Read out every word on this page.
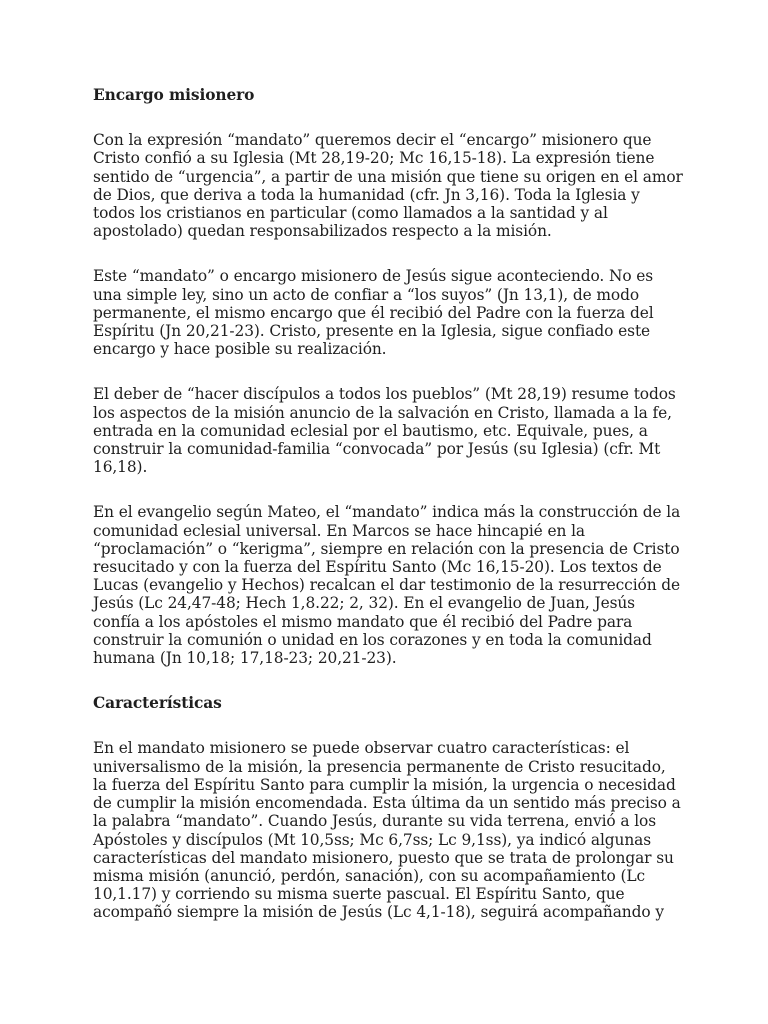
Encargo misionero
Con la expresión “mandato” queremos decir el “encargo” misionero que Cristo confió a su Iglesia (Mt 28,19-20; Mc 16,15-18). La expresión tiene sentido de “urgencia”, a partir de una misión que tiene su origen en el amor de Dios, que deriva a toda la humanidad (cfr. Jn 3,16). Toda la Iglesia y todos los cristianos en particular (como llamados a la santidad y al apostolado) quedan responsabilizados respecto a la misión.
Este “mandato” o encargo misionero de Jesús sigue aconteciendo. No es una simple ley, sino un acto de confiar a “los suyos” (Jn 13,1), de modo permanente, el mismo encargo que él recibió del Padre con la fuerza del Espíritu (Jn 20,21-23). Cristo, presente en la Iglesia, sigue confiado este encargo y hace posible su realización.
El deber de “hacer discípulos a todos los pueblos” (Mt 28,19) resume todos los aspectos de la misión anuncio de la salvación en Cristo, llamada a la fe, entrada en la comunidad eclesial por el bautismo, etc. Equivale, pues, a construir la comunidad-familia “convocada” por Jesús (su Iglesia) (cfr. Mt 16,18).
En el evangelio según Mateo, el “mandato” indica más la construcción de la comunidad eclesial universal. En Marcos se hace hincapié en la “proclamación” o “kerigma”, siempre en relación con la presencia de Cristo resucitado y con la fuerza del Espíritu Santo (Mc 16,15-20). Los textos de Lucas (evangelio y Hechos) recalcan el dar testimonio de la resurrección de Jesús (Lc 24,47-48; Hech 1,8.22; 2, 32). En el evangelio de Juan, Jesús confía a los apóstoles el mismo mandato que él recibió del Padre para construir la comunión o unidad en los corazones y en toda la comunidad humana (Jn 10,18; 17,18-23; 20,21-23).
Características
En el mandato misionero se puede observar cuatro características: el universalismo de la misión, la presencia permanente de Cristo resucitado, la fuerza del Espíritu Santo para cumplir la misión, la urgencia o necesidad de cumplir la misión encomendada. Esta última da un sentido más preciso a la palabra “mandato”. Cuando Jesús, durante su vida terrena, envió a los Apóstoles y discípulos (Mt 10,5ss; Mc 6,7ss; Lc 9,1ss), ya indicó algunas características del mandato misionero, puesto que se trata de prolongar su misma misión (anunció, perdón, sanación), con su acompañamiento (Lc 10,1.17) y corriendo su misma suerte pascual. El Espíritu Santo, que acompañó siempre la misión de Jesús (Lc 4,1-18), seguirá acompañando y
